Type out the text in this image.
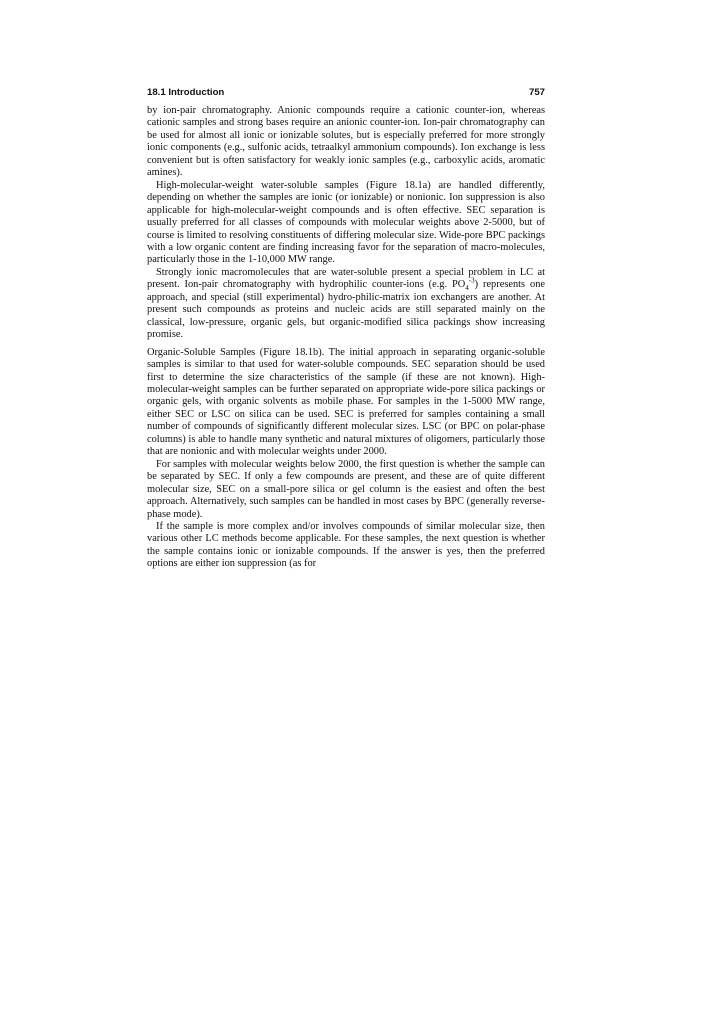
18.1 Introduction	757

by ion-pair chromatography. Anionic compounds require a cationic counter-ion, whereas cationic samples and strong bases require an anionic counter-ion. Ion-pair chromatography can be used for almost all ionic or ionizable solutes, but is especially preferred for more strongly ionic components (e.g., sulfonic acids, tetraalkyl ammonium compounds). Ion exchange is less convenient but is often satisfactory for weakly ionic samples (e.g., carboxylic acids, aromatic amines).

High-molecular-weight water-soluble samples (Figure 18.1a) are handled differently, depending on whether the samples are ionic (or ionizable) or nonionic. Ion suppression is also applicable for high-molecular-weight compounds and is often effective. SEC separation is usually preferred for all classes of compounds with molecular weights above 2-5000, but of course is limited to resolving constituents of differing molecular size. Wide-pore BPC packings with a low organic content are finding increasing favor for the separation of macro-molecules, particularly those in the 1-10,000 MW range.

Strongly ionic macromolecules that are water-soluble present a special problem in LC at present. Ion-pair chromatography with hydrophilic counter-ions (e.g. $PO_4^{-3}$) represents one approach, and special (still experimental) hydro-philic-matrix ion exchangers are another. At present such compounds as proteins and nucleic acids are still separated mainly on the classical, low-pressure, organic gels, but organic-modified silica packings show increasing promise.

Organic-Soluble Samples (Figure 18.1b). The initial approach in separating organic-soluble samples is similar to that used for water-soluble compounds. SEC separation should be used first to determine the size characteristics of the sample (if these are not known). High-molecular-weight samples can be further separated on appropriate wide-pore silica packings or organic gels, with organic solvents as mobile phase. For samples in the 1-5000 MW range, either SEC or LSC on silica can be used. SEC is preferred for samples containing a small number of compounds of significantly different molecular sizes. LSC (or BPC on polar-phase columns) is able to handle many synthetic and natural mixtures of oligomers, particularly those that are nonionic and with molecular weights under 2000.

For samples with molecular weights below 2000, the first question is whether the sample can be separated by SEC. If only a few compounds are present, and these are of quite different molecular size, SEC on a small-pore silica or gel column is the easiest and often the best approach. Alternatively, such samples can be handled in most cases by BPC (generally reverse-phase mode).

If the sample is more complex and/or involves compounds of similar molecular size, then various other LC methods become applicable. For these samples, the next question is whether the sample contains ionic or ionizable compounds. If the answer is yes, then the preferred options are either ion suppression (as for
